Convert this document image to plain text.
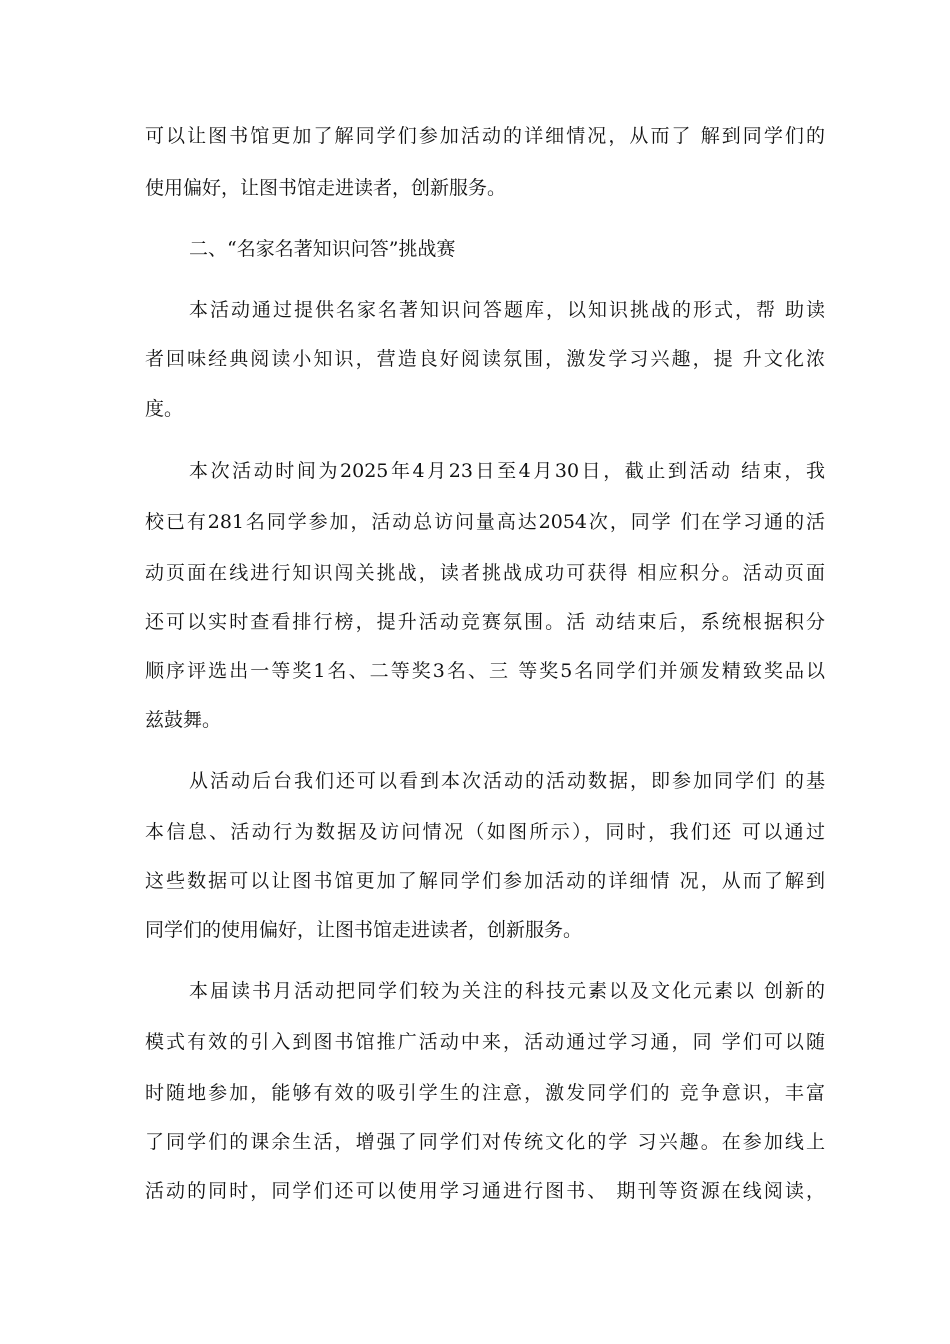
可以让图书馆更加了解同学们参加活动的详细情况，从而了 解到同学们的
使用偏好，让图书馆走进读者，创新服务。
二、“名家名著知识问答”挑战赛
本活动通过提供名家名著知识问答题库，以知识挑战的形式，帮 助读
者回味经典阅读小知识，营造良好阅读氛围，激发学习兴趣，提 升文化浓
度。
本次活动时间为2025年4月23日至4月30日，截止到活动 结束，我
校已有281名同学参加，活动总访问量高达2054次，同学 们在学习通的活
动页面在线进行知识闯关挑战，读者挑战成功可获得 相应积分。活动页面
还可以实时查看排行榜，提升活动竞赛氛围。活 动结束后，系统根据积分
顺序评选出一等奖1名、二等奖3名、三 等奖5名同学们并颁发精致奖品以
兹鼓舞。
从活动后台我们还可以看到本次活动的活动数据，即参加同学们 的基
本信息、活动行为数据及访问情况（如图所示），同时，我们还 可以通过
这些数据可以让图书馆更加了解同学们参加活动的详细情 况，从而了解到
同学们的使用偏好，让图书馆走进读者，创新服务。
本届读书月活动把同学们较为关注的科技元素以及文化元素以 创新的
模式有效的引入到图书馆推广活动中来，活动通过学习通，同 学们可以随
时随地参加，能够有效的吸引学生的注意，激发同学们的 竞争意识，丰富
了同学们的课余生活，增强了同学们对传统文化的学 习兴趣。在参加线上
活动的同时，同学们还可以使用学习通进行图书、 期刊等资源在线阅读，
